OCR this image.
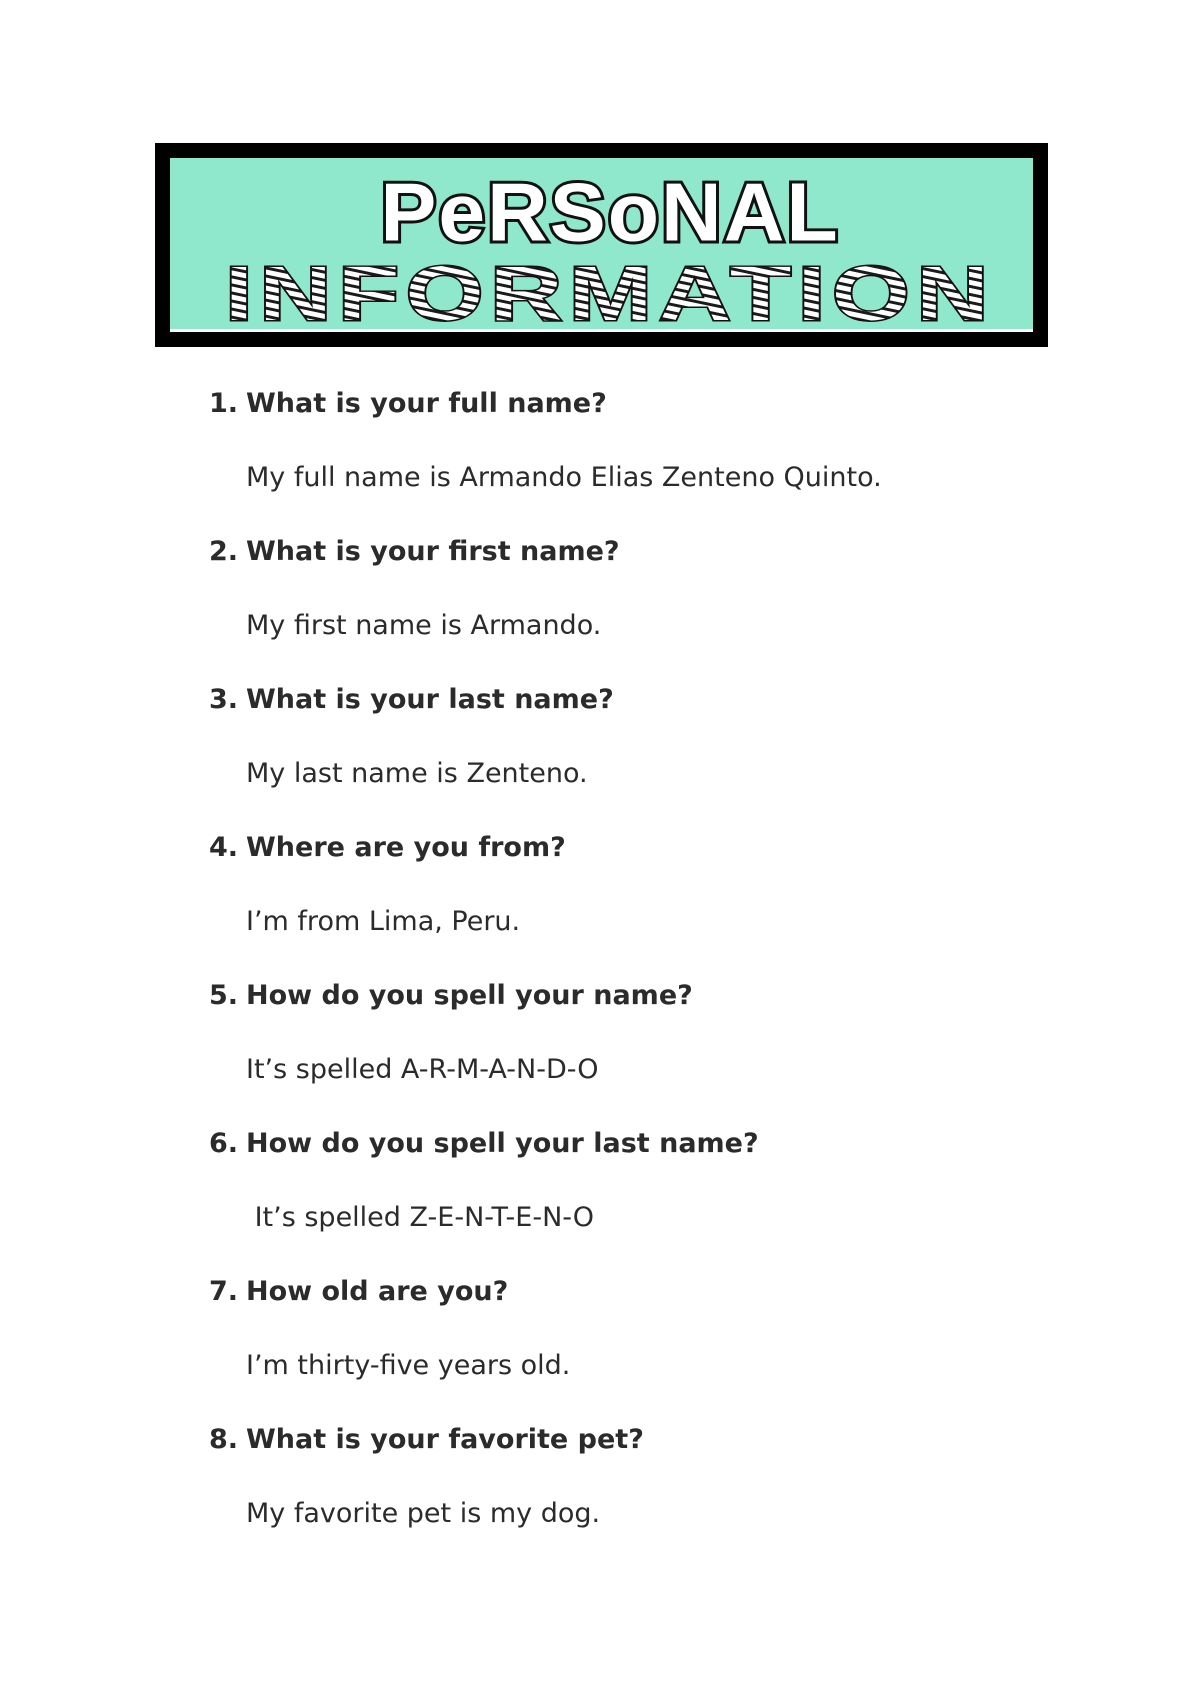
PeRSoNAL
INFORMATION
1. What is your full name?
My full name is Armando Elias Zenteno Quinto.
2. What is your first name?
My first name is Armando.
3. What is your last name?
My last name is Zenteno.
4. Where are you from?
I’m from Lima, Peru.
5. How do you spell your name?
It’s spelled A-R-M-A-N-D-O
6. How do you spell your last name?
It’s spelled Z-E-N-T-E-N-O
7. How old are you?
I’m thirty-five years old.
8. What is your favorite pet?
My favorite pet is my dog.
